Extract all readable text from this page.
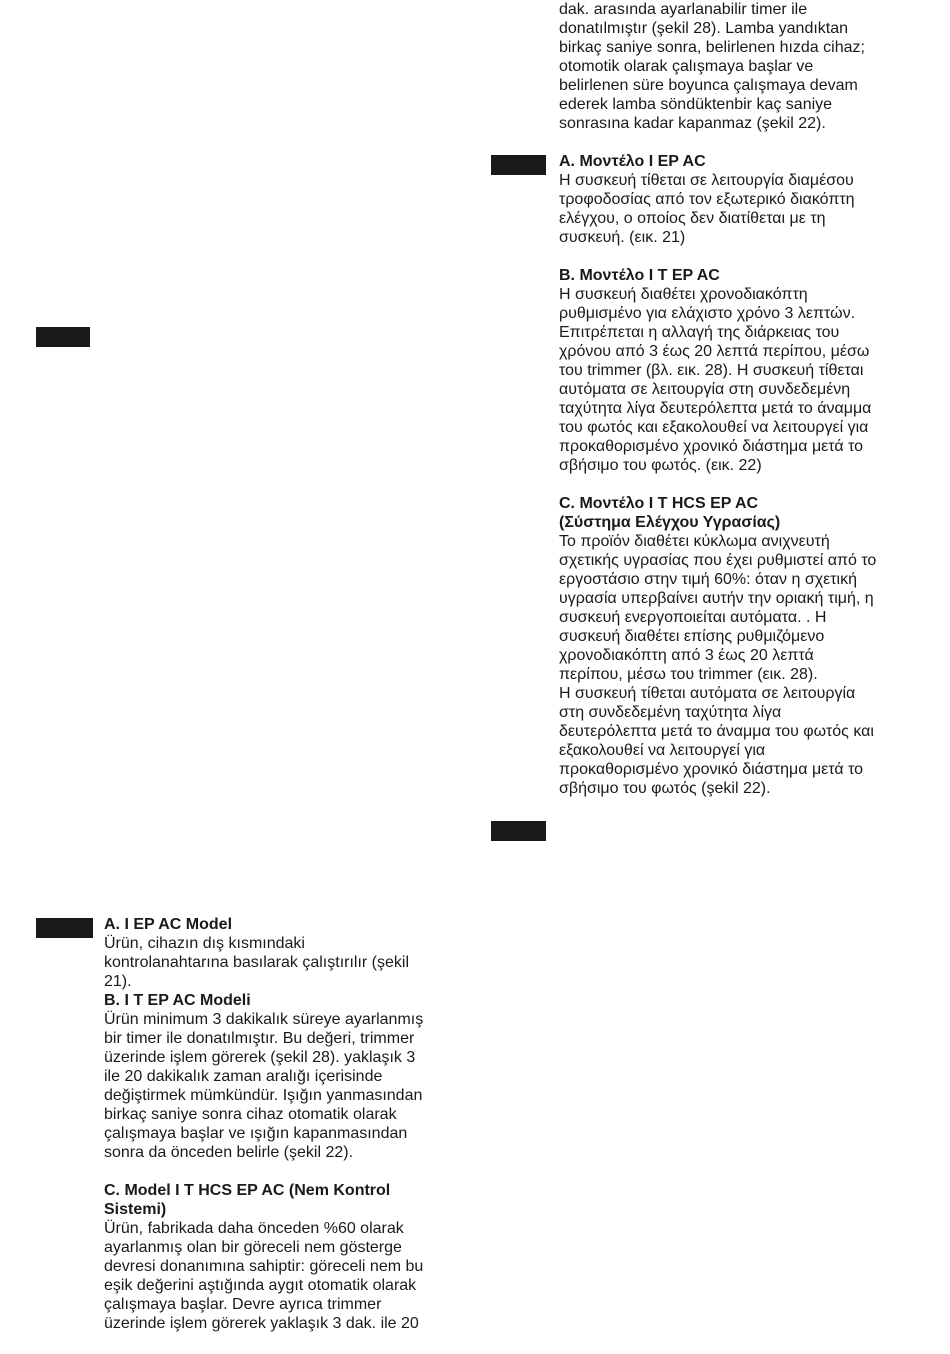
dak. arasında ayarlanabilir timer ile
donatılmıştır (şekil 28). Lamba yandıktan
birkaç saniye sonra, belirlenen hızda cihaz;
otomotik olarak çalışmaya başlar ve
belirlenen süre boyunca çalışmaya devam
ederek lamba söndüktenbir kaç saniye
sonrasına kadar kapanmaz (şekil 22).
A. Μοντέλο I EP AC
Η συσκευή τίθεται σε λειτουργία διαμέσου
τροφοδοσίας από τον εξωτερικό διακόπτη
ελέγχου, ο οποίος δεν διατίθεται με τη
συσκευή. (εικ. 21)
B. Μοντέλο I T EP AC
Η συσκευή διαθέτει χρονοδιακόπτη
ρυθμισμένο για ελάχιστο χρόνο 3 λεπτών.
Επιτρέπεται η αλλαγή της διάρκειας του
χρόνου από 3 έως 20 λεπτά περίπου, μέσω
του trimmer (βλ. εικ. 28). Η συσκευή τίθεται
αυτόματα σε λειτουργία στη συνδεδεμένη
ταχύτητα λίγα δευτερόλεπτα μετά το άναμμα
του φωτός και εξακολουθεί να λειτουργεί για
προκαθορισμένο χρονικό διάστημα μετά το
σβήσιμο του φωτός. (εικ. 22)
C. Μοντέλο I T HCS EP AC
(Σύστημα Ελέγχου Υγρασίας)
Το προϊόν διαθέτει κύκλωμα ανιχνευτή
σχετικής υγρασίας που έχει ρυθμιστεί από το
εργοστάσιο στην τιμή 60%: όταν η σχετική
υγρασία υπερβαίνει αυτήν την οριακή τιμή, η
συσκευή ενεργοποιείται αυτόματα. . Η
συσκευή διαθέτει επίσης ρυθμιζόμενο
χρονοδιακόπτη από 3 έως 20 λεπτά
περίπου, μέσω του trimmer (εικ. 28).
Η συσκευή τίθεται αυτόματα σε λειτουργία
στη συνδεδεμένη ταχύτητα λίγα
δευτερόλεπτα μετά το άναμμα του φωτός και
εξακολουθεί να λειτουργεί για
προκαθορισμένο χρονικό διάστημα μετά το
σβήσιμο του φωτός (şekil 22).
A. I EP AC Model
Ürün, cihazın dış kısmındaki
kontrolanahtarına basılarak çalıştırılır (şekil
21).
B. I T EP AC Modeli
Ürün minimum 3 dakikalık süreye ayarlanmış
bir timer ile donatılmıştır. Bu değeri, trimmer
üzerinde işlem görerek (şekil 28). yaklaşık 3
ile 20 dakikalık zaman aralığı içerisinde
değiştirmek mümkündür. Işığın yanmasından
birkaç saniye sonra cihaz otomatik olarak
çalışmaya başlar ve ışığın kapanmasından
sonra da önceden belirle (şekil 22).
C. Model I T HCS EP AC (Nem Kontrol
Sistemi)
Ürün, fabrikada daha önceden %60 olarak
ayarlanmış olan bir göreceli nem gösterge
devresi donanımına sahiptir: göreceli nem bu
eşik değerini aştığında aygıt otomatik olarak
çalışmaya başlar. Devre ayrıca trimmer
üzerinde işlem görerek yaklaşık 3 dak. ile 20
